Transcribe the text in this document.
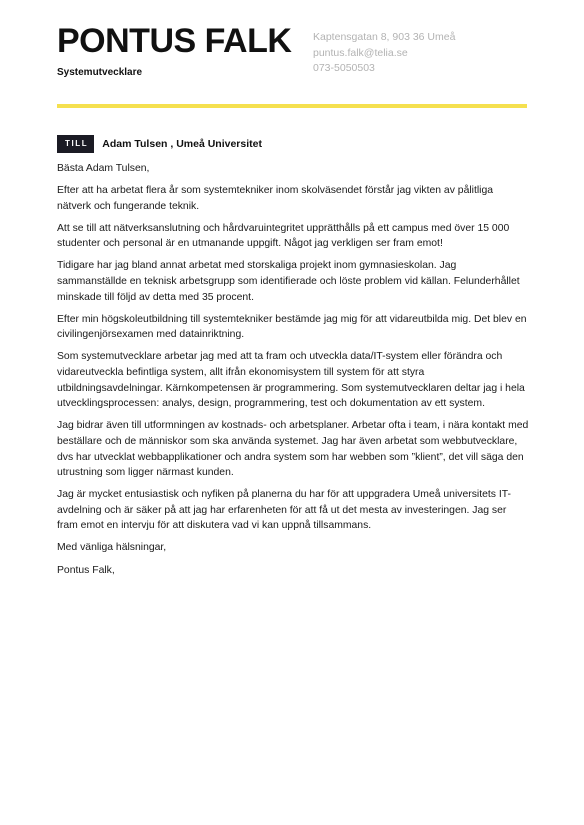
PONTUS FALK
Systemutvecklare
Kaptensgatan 8, 903 36 Umeå
puntus.falk@telia.se
073-5050503
TILL	Adam Tulsen , Umeå Universitet

Bästa Adam Tulsen,

Efter att ha arbetat flera år som systemtekniker inom skolväsendet förstår jag vikten av pålitliga nätverk och fungerande teknik.

Att se till att nätverksanslutning och hårdvaruintegritet upprätthålls på ett campus med över 15 000 studenter och personal är en utmanande uppgift. Något jag verkligen ser fram emot!

Tidigare har jag bland annat arbetat med storskaliga projekt inom gymnasieskolan. Jag sammanställde en teknisk arbetsgrupp som identifierade och löste problem vid källan. Felunderhållet minskade till följd av detta med 35 procent.

Efter min högskoleutbildning till systemtekniker bestämde jag mig för att vidareutbilda mig. Det blev en civilingenjörsexamen med datainriktning.

Som systemutvecklare arbetar jag med att ta fram och utveckla data/IT-system eller förändra och vidareutveckla befintliga system, allt ifrån ekonomisystem till system för att styra utbildningsavdelningar. Kärnkompetensen är programmering. Som systemutvecklaren deltar jag i hela utvecklingsprocessen: analys, design, programmering, test och dokumentation av ett system.

Jag bidrar även till utformningen av kostnads- och arbetsplaner. Arbetar ofta i team, i nära kontakt med beställare och de människor som ska använda systemet. Jag har även arbetat som webbutvecklare, dvs har utvecklat webbapplikationer och andra system som har webben som ”klient”, det vill säga den utrustning som ligger närmast kunden.

Jag är mycket entusiastisk och nyfiken på planerna du har för att uppgradera Umeå universitets IT-avdelning och är säker på att jag har erfarenheten för att få ut det mesta av investeringen. Jag ser fram emot en intervju för att diskutera vad vi kan uppnå tillsammans.

Med vänliga hälsningar,

Pontus Falk,
